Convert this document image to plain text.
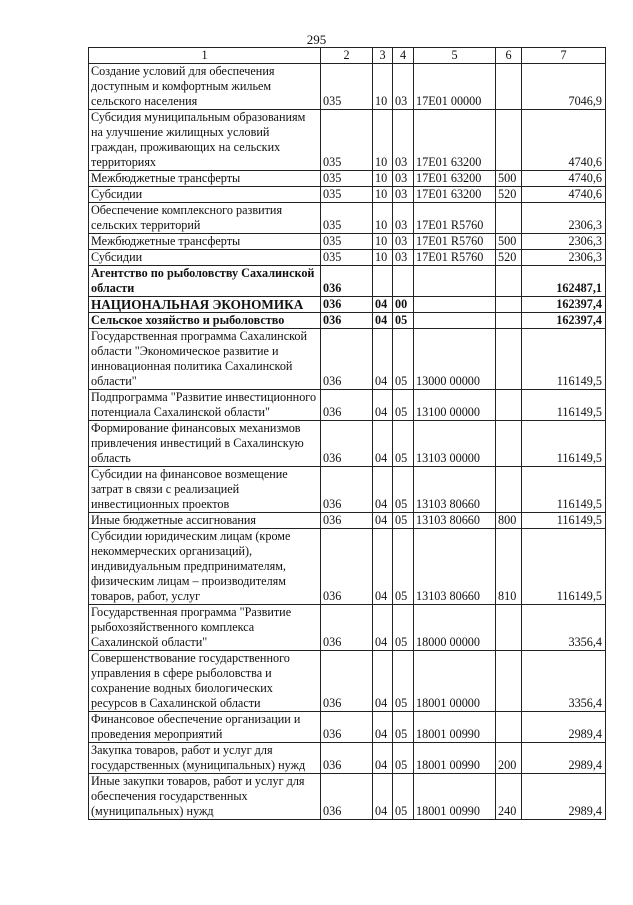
295
1	2	3	4	5	6	7
Создание условий для обеспечения доступным и комфортным жильем сельского населения	035	10	03	17Е01 00000		7046,9
Субсидия муниципальным образованиям на улучшение жилищных условий граждан, проживающих на сельских территориях	035	10	03	17Е01 63200		4740,6
Межбюджетные трансферты	035	10	03	17Е01 63200	500	4740,6
Субсидии	035	10	03	17Е01 63200	520	4740,6
Обеспечение комплексного развития сельских территорий	035	10	03	17Е01 R5760		2306,3
Межбюджетные трансферты	035	10	03	17Е01 R5760	500	2306,3
Субсидии	035	10	03	17Е01 R5760	520	2306,3
Агентство по рыболовству Сахалинской области	036					162487,1
НАЦИОНАЛЬНАЯ ЭКОНОМИКА	036	04	00			162397,4
Сельское хозяйство и рыболовство	036	04	05			162397,4
Государственная программа Сахалинской области "Экономическое развитие и инновационная политика Сахалинской области"	036	04	05	13000 00000		116149,5
Подпрограмма "Развитие инвестиционного потенциала Сахалинской области"	036	04	05	13100 00000		116149,5
Формирование финансовых механизмов привлечения инвестиций в Сахалинскую область	036	04	05	13103 00000		116149,5
Субсидии на финансовое возмещение затрат в связи с реализацией инвестиционных проектов	036	04	05	13103 80660		116149,5
Иные бюджетные ассигнования	036	04	05	13103 80660	800	116149,5
Субсидии юридическим лицам (кроме некоммерческих организаций), индивидуальным предпринимателям, физическим лицам – производителям товаров, работ, услуг	036	04	05	13103 80660	810	116149,5
Государственная программа "Развитие рыбохозяйственного комплекса Сахалинской области"	036	04	05	18000 00000		3356,4
Совершенствование государственного управления в сфере рыболовства и сохранение водных биологических ресурсов в Сахалинской области	036	04	05	18001 00000		3356,4
Финансовое обеспечение организации и проведения мероприятий	036	04	05	18001 00990		2989,4
Закупка товаров, работ и услуг для государственных (муниципальных) нужд	036	04	05	18001 00990	200	2989,4
Иные закупки товаров, работ и услуг для обеспечения государственных (муниципальных) нужд	036	04	05	18001 00990	240	2989,4
